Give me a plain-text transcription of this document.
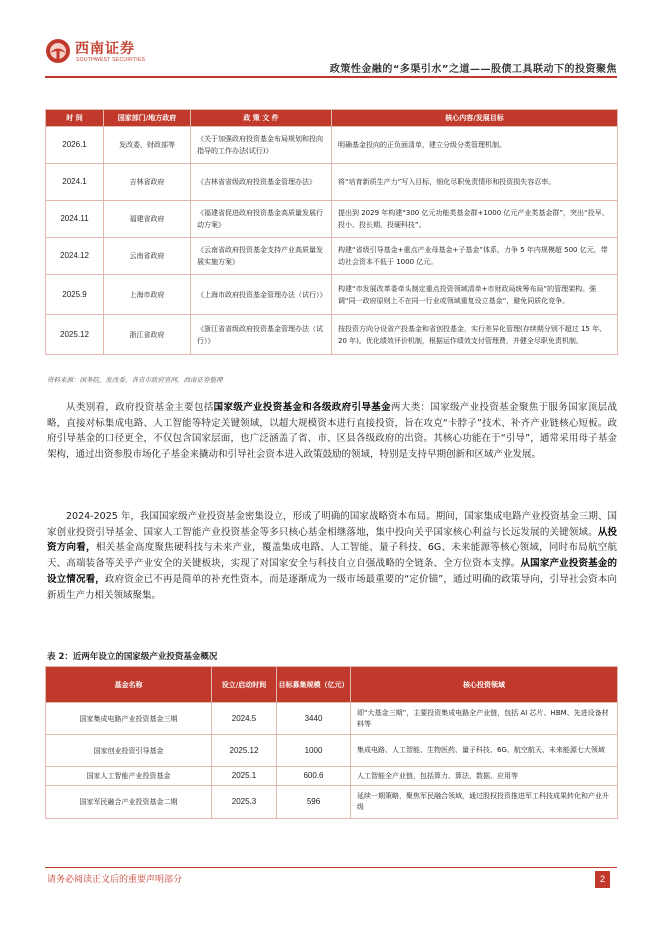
西南证券
SOUTHWEST SECURITIES
政策性金融的“多渠引水”之道——股债工具联动下的投资聚焦
时 间	国家部门/地方政府	政 策 文 件	核心内容/发展目标
2026.1	发改委、财政部等	《关于加强政府投资基金布局规划和投向指导的工作办法(试行)》	明确基金投向的正负面清单，建立分级分类管理机制。
2024.1	吉林省政府	《吉林省省级政府投资基金管理办法》	将“培育新质生产力”写入目标，细化尽职免责情形和投资损失容忍率。
2024.11	福建省政府	《福建省促进政府投资基金高质量发展行动方案》	提出到 2029 年构建“300 亿元功能类基金群+1000 亿元产业类基金群”，突出“投早、投小、投长期、投硬科技”。
2024.12	云南省政府	《云南省政府投资基金支持产业高质量发展实施方案》	构建“省级引导基金+重点产业母基金+子基金”体系，力争 5 年内规模超 500 亿元，带动社会资本不低于 1000 亿元。
2025.9	上海市政府	《上海市政府投资基金管理办法（试行）》	构建“市发展改革委牵头制定重点投资领域清单+市财政局统筹布局”的管理架构。强调“同一政府原则上不在同一行业或领域重复设立基金”，避免同质化竞争。
2025.12	浙江省政府	《浙江省省级政府投资基金管理办法（试行）》	按投资方向分设省产投基金和省创投基金，实行差异化管理(存续期分别不超过 15 年、20 年)。优化绩效评价机制，根据运作绩效支付管理费，并健全尽职免责机制。
资料来源：国务院，发改委，各省市政府官网，西南证券整理
从类别看，政府投资基金主要包括国家级产业投资基金和各级政府引导基金两大类：国家级产业投资基金聚焦于服务国家顶层战略，直接对标集成电路、人工智能等特定关键领域，以超大规模资本进行直接投资，旨在攻克“卡脖子”技术、补齐产业链核心短板。政府引导基金的口径更全，不仅包含国家层面，也广泛涵盖了省、市、区县各级政府的出资。其核心功能在于“引导”，通常采用母子基金架构，通过出资参股市场化子基金来撬动和引导社会资本进入政策鼓励的领域，特别是支持早期创新和区域产业发展。
2024-2025 年，我国国家级产业投资基金密集设立，形成了明确的国家战略资本布局。期间，国家集成电路产业投资基金三期、国家创业投资引导基金、国家人工智能产业投资基金等多只核心基金相继落地，集中投向关乎国家核心利益与长远发展的关键领域。从投资方向看，相关基金高度聚焦硬科技与未来产业，覆盖集成电路、人工智能、量子科技、6G、未来能源等核心领域，同时布局航空航天、高端装备等关乎产业安全的关键板块，实现了对国家安全与科技自立自强战略的全链条、全方位资本支撑。从国家产业投资基金的设立情况看，政府资金已不再是简单的补充性资本，而是逐渐成为一级市场最重要的“定价锚”，通过明确的政策导向，引导社会资本向新质生产力相关领域聚集。
表 2：近两年设立的国家级产业投资基金概况
基金名称	设立/启动时间	目标募集规模（亿元）	核心投资领域
国家集成电路产业投资基金三期	2024.5	3440	即“大基金三期”，主要投资集成电路全产业链，包括 AI 芯片、HBM、先进设备材料等
国家创业投资引导基金	2025.12	1000	集成电路、人工智能、生物医药、量子科技、6G、航空航天、未来能源七大领域
国家人工智能产业投资基金	2025.1	600.6	人工智能全产业链，包括算力、算法、数据、应用等
国家军民融合产业投资基金二期	2025.3	596	延续一期策略，聚焦军民融合领域，通过股权投资推进军工科技成果转化和产业升级
请务必阅读正文后的重要声明部分	2
